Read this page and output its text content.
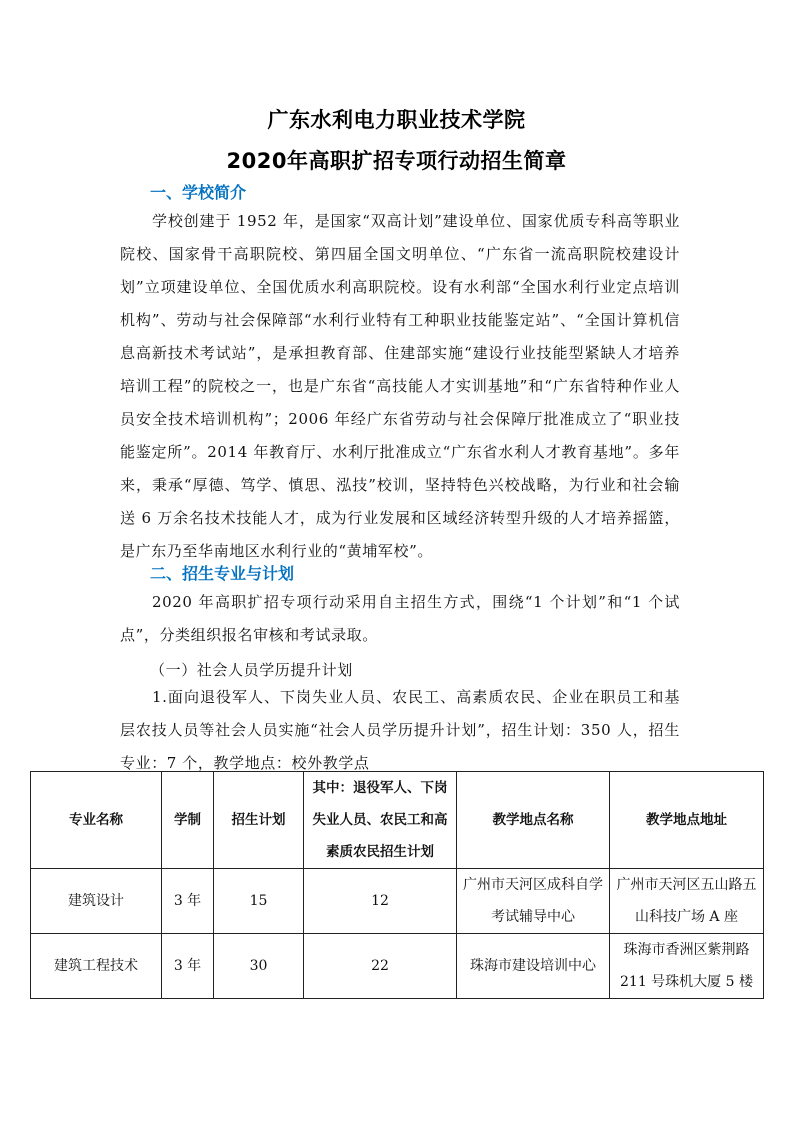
广东水利电力职业技术学院
2020年高职扩招专项行动招生简章
一、学校简介

学校创建于 1952 年，是国家“双高计划”建设单位、国家优质专科高等职业院校、国家骨干高职院校、第四届全国文明单位、“广东省一流高职院校建设计划”立项建设单位、全国优质水利高职院校。设有水利部“全国水利行业定点培训机构”、劳动与社会保障部“水利行业特有工种职业技能鉴定站”、“全国计算机信息高新技术考试站”，是承担教育部、住建部实施“建设行业技能型紧缺人才培养培训工程”的院校之一，也是广东省“高技能人才实训基地”和“广东省特种作业人员安全技术培训机构”；2006 年经广东省劳动与社会保障厅批准成立了“职业技能鉴定所”。2014 年教育厅、水利厅批准成立“广东省水利人才教育基地”。多年来，秉承“厚德、笃学、慎思、泓技”校训，坚持特色兴校战略，为行业和社会输送 6 万余名技术技能人才，成为行业发展和区域经济转型升级的人才培养摇篮，是广东乃至华南地区水利行业的“黄埔军校”。

二、招生专业与计划

2020 年高职扩招专项行动采用自主招生方式，围绕“1 个计划”和“1 个试点”，分类组织报名审核和考试录取。

（一）社会人员学历提升计划

1.面向退役军人、下岗失业人员、农民工、高素质农民、企业在职员工和基层农技人员等社会人员实施“社会人员学历提升计划”，招生计划：350 人，招生专业：7 个，教学地点：校外教学点

专业名称	学制	招生计划	其中：退役军人、下岗失业人员、农民工和高素质农民招生计划	教学地点名称	教学地点地址
建筑设计	3 年	15	12	广州市天河区成科自学考试辅导中心	广州市天河区五山路五山科技广场 A 座
建筑工程技术	3 年	30	22	珠海市建设培训中心	珠海市香洲区紫荆路 211 号珠机大厦 5 楼
